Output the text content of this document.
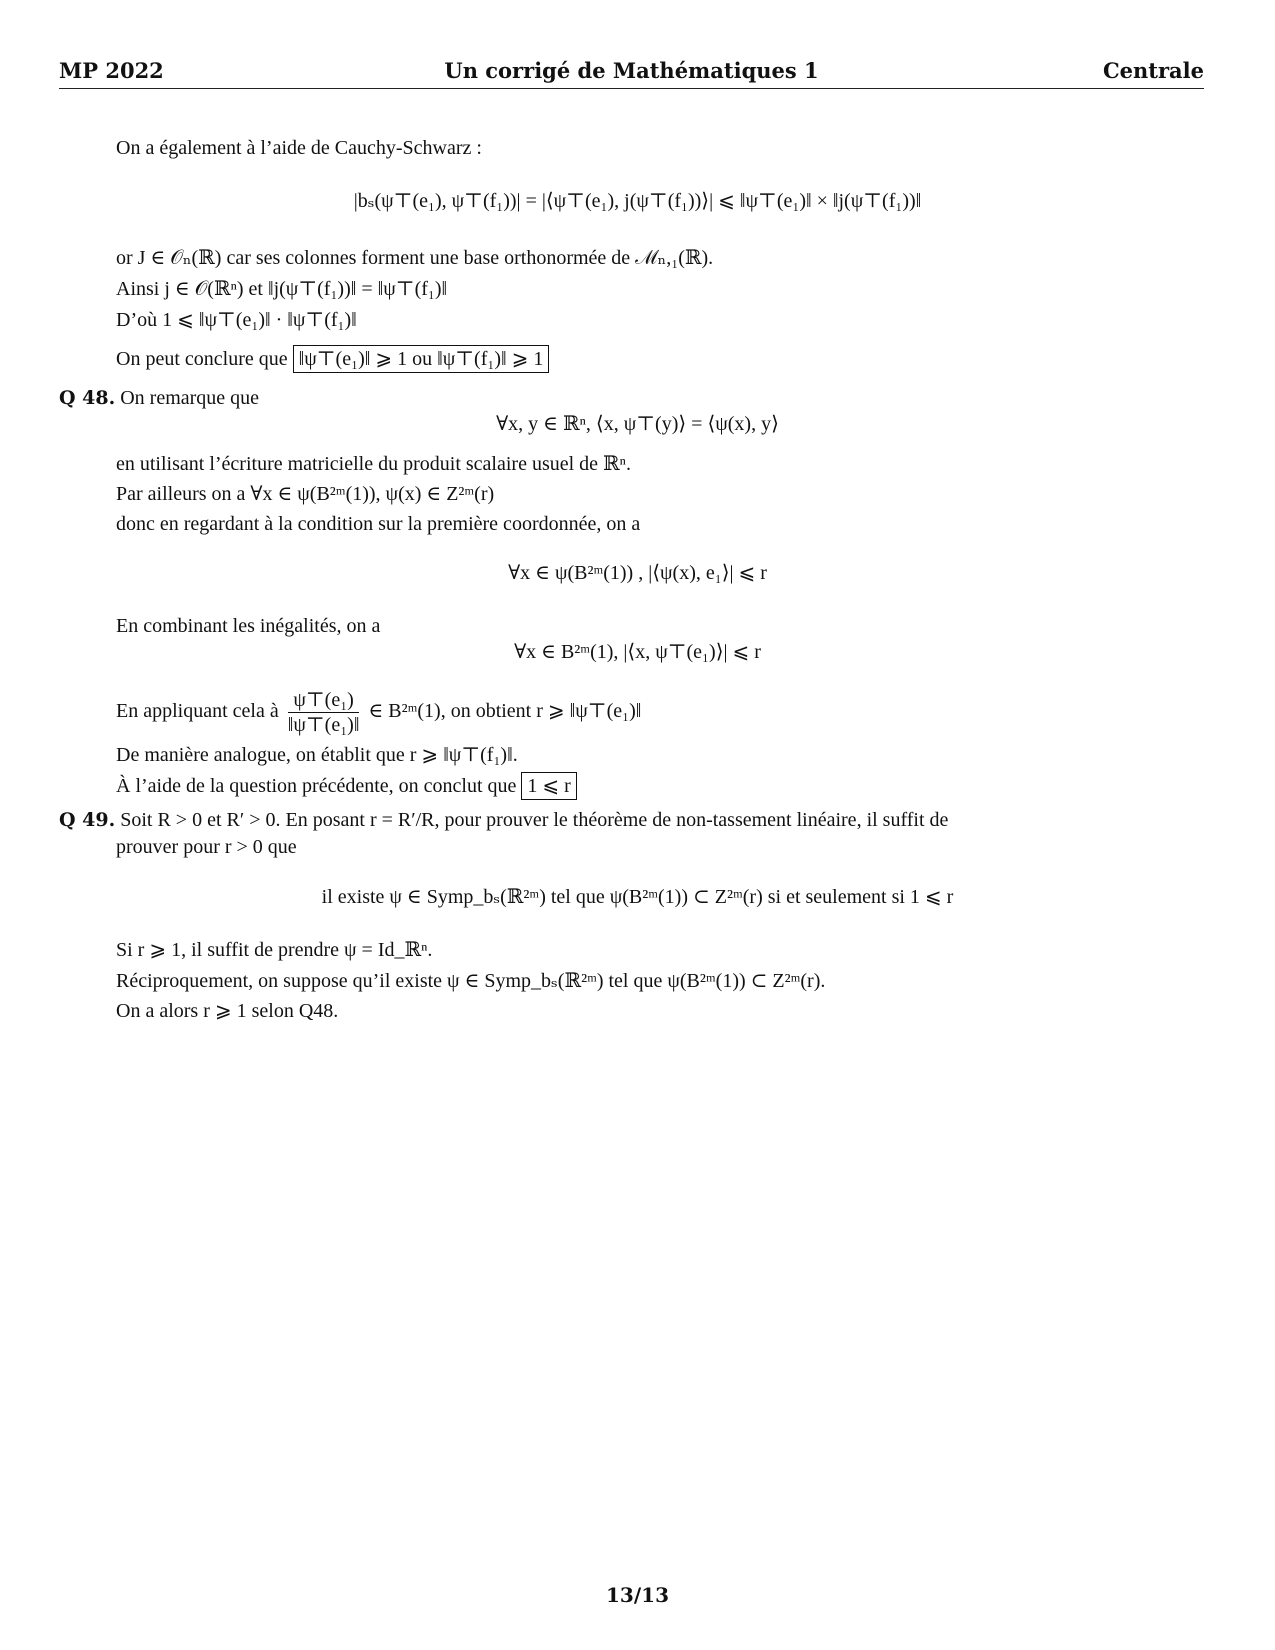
MP 2022	Un corrigé de Mathématiques 1	Centrale
On a également à l’aide de Cauchy-Schwarz :
|bₛ(ψ⊤(e₁), ψ⊤(f₁))| = |⟨ψ⊤(e₁), j(ψ⊤(f₁))⟩| ⩽ ‖ψ⊤(e₁)‖ × ‖j(ψ⊤(f₁))‖
or J ∈ 𝒪ₙ(ℝ) car ses colonnes forment une base orthonormée de ℳₙ,₁(ℝ).
Ainsi j ∈ 𝒪(ℝⁿ) et ‖j(ψ⊤(f₁))‖ = ‖ψ⊤(f₁)‖
D’où 1 ⩽ ‖ψ⊤(e₁)‖ · ‖ψ⊤(f₁)‖
On peut conclure que ‖ψ⊤(e₁)‖ ⩾ 1 ou ‖ψ⊤(f₁)‖ ⩾ 1
Q 48. On remarque que
∀x, y ∈ ℝⁿ, ⟨x, ψ⊤(y)⟩ = ⟨ψ(x), y⟩
en utilisant l’écriture matricielle du produit scalaire usuel de ℝⁿ.
Par ailleurs on a ∀x ∈ ψ(B²ᵐ(1)), ψ(x) ∈ Z²ᵐ(r)
donc en regardant à la condition sur la première coordonnée, on a
∀x ∈ ψ(B²ᵐ(1)) , |⟨ψ(x), e₁⟩| ⩽ r
En combinant les inégalités, on a
∀x ∈ B²ᵐ(1), |⟨x, ψ⊤(e₁)⟩| ⩽ r
En appliquant cela à $\frac{\text{ψ⊤(e₁)}}{\text{‖ψ⊤(e₁)‖}}$ ∈ B²ᵐ(1), on obtient r ⩾ ‖ψ⊤(e₁)‖
De manière analogue, on établit que r ⩾ ‖ψ⊤(f₁)‖.
À l’aide de la question précédente, on conclut que 1 ⩽ r
Q 49. Soit R > 0 et R′ > 0. En posant r = R′/R, pour prouver le théorème de non-tassement linéaire, il suffit de
prouver pour r > 0 que
il existe ψ ∈ Symp_bₛ(ℝ²ᵐ) tel que ψ(B²ᵐ(1)) ⊂ Z²ᵐ(r) si et seulement si 1 ⩽ r
Si r ⩾ 1, il suffit de prendre ψ = Id_ℝⁿ.
Réciproquement, on suppose qu’il existe ψ ∈ Symp_bₛ(ℝ²ᵐ) tel que ψ(B²ᵐ(1)) ⊂ Z²ᵐ(r).
On a alors r ⩾ 1 selon Q48.
13/13
